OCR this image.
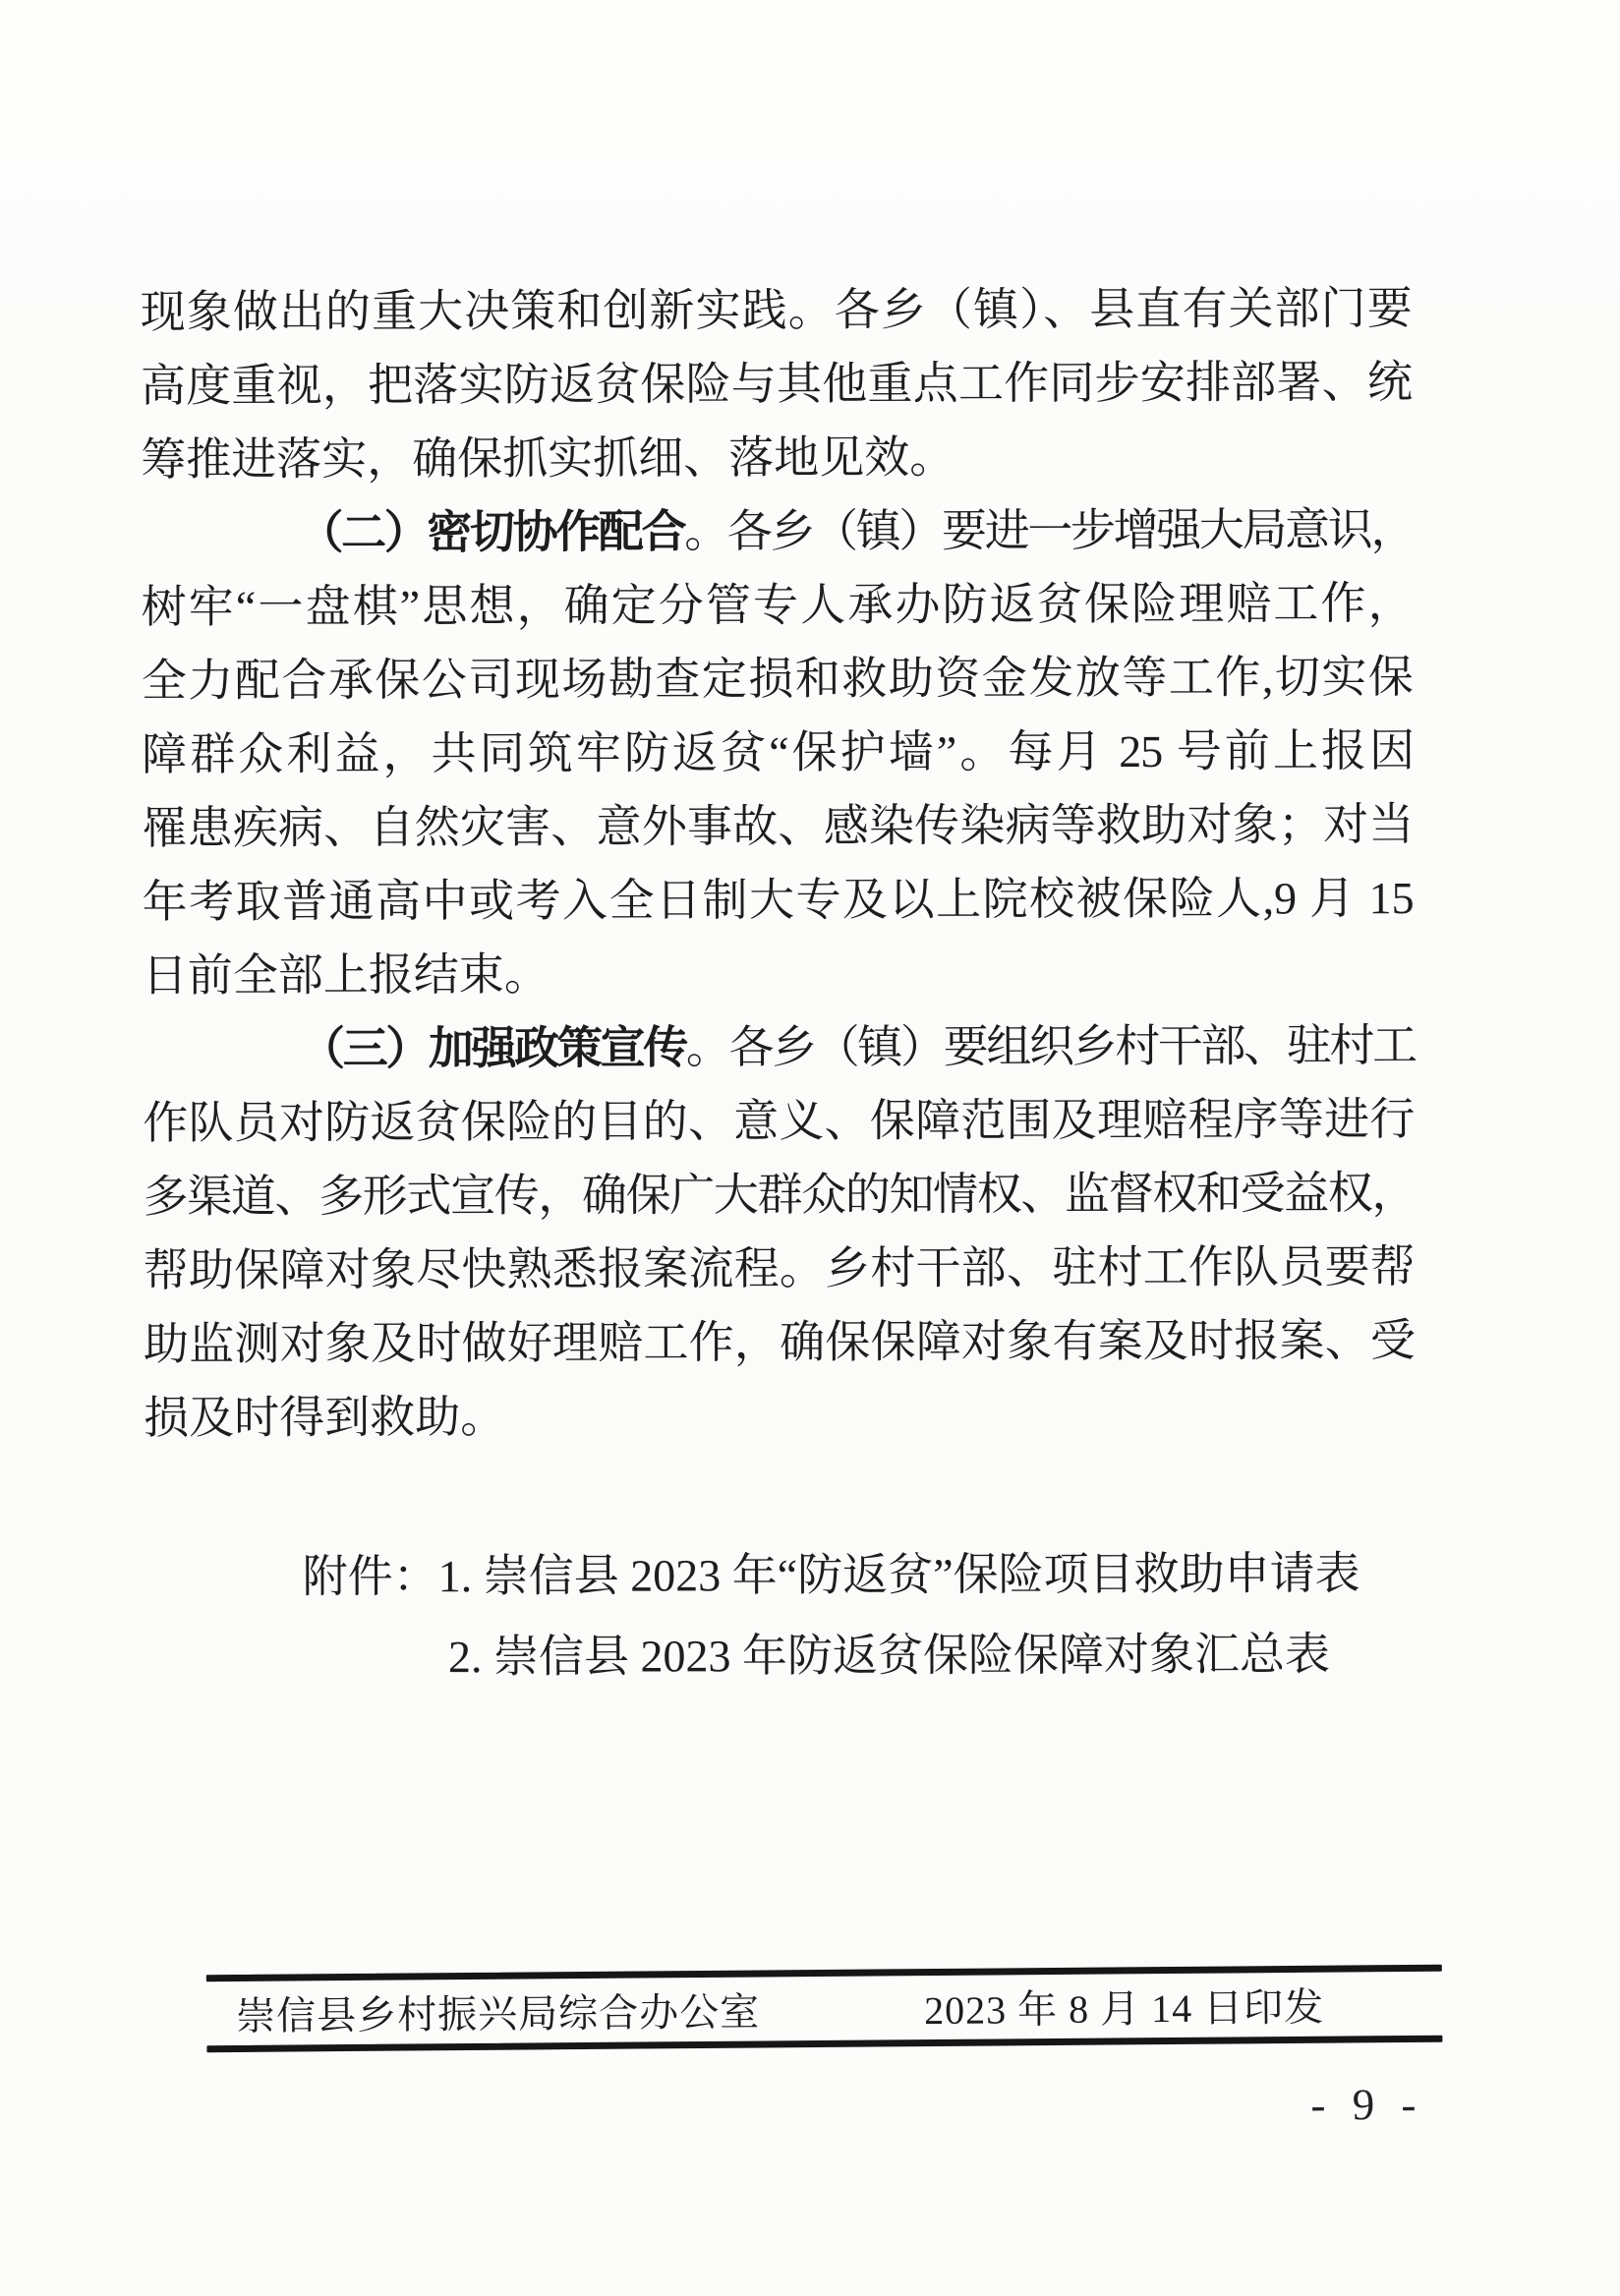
现象做出的重大决策和创新实践。各乡（镇）、县直有关部门要
高度重视，把落实防返贫保险与其他重点工作同步安排部署、统
筹推进落实，确保抓实抓细、落地见效。
（二）密切协作配合。各乡（镇）要进一步增强大局意识，
树牢“一盘棋”思想，确定分管专人承办防返贫保险理赔工作，
全力配合承保公司现场勘查定损和救助资金发放等工作,切实保
障群众利益，共同筑牢防返贫“保护墙”。每月 25 号前上报因
罹患疾病、自然灾害、意外事故、感染传染病等救助对象；对当
年考取普通高中或考入全日制大专及以上院校被保险人,9 月 15
日前全部上报结束。
（三）加强政策宣传。各乡（镇）要组织乡村干部、驻村工
作队员对防返贫保险的目的、意义、保障范围及理赔程序等进行
多渠道、多形式宣传，确保广大群众的知情权、监督权和受益权，
帮助保障对象尽快熟悉报案流程。乡村干部、驻村工作队员要帮
助监测对象及时做好理赔工作，确保保障对象有案及时报案、受
损及时得到救助。
附件：1. 崇信县 2023 年“防返贫”保险项目救助申请表
2. 崇信县 2023 年防返贫保险保障对象汇总表
崇信县乡村振兴局综合办公室	2023 年 8 月 14 日印发
- 9 -
